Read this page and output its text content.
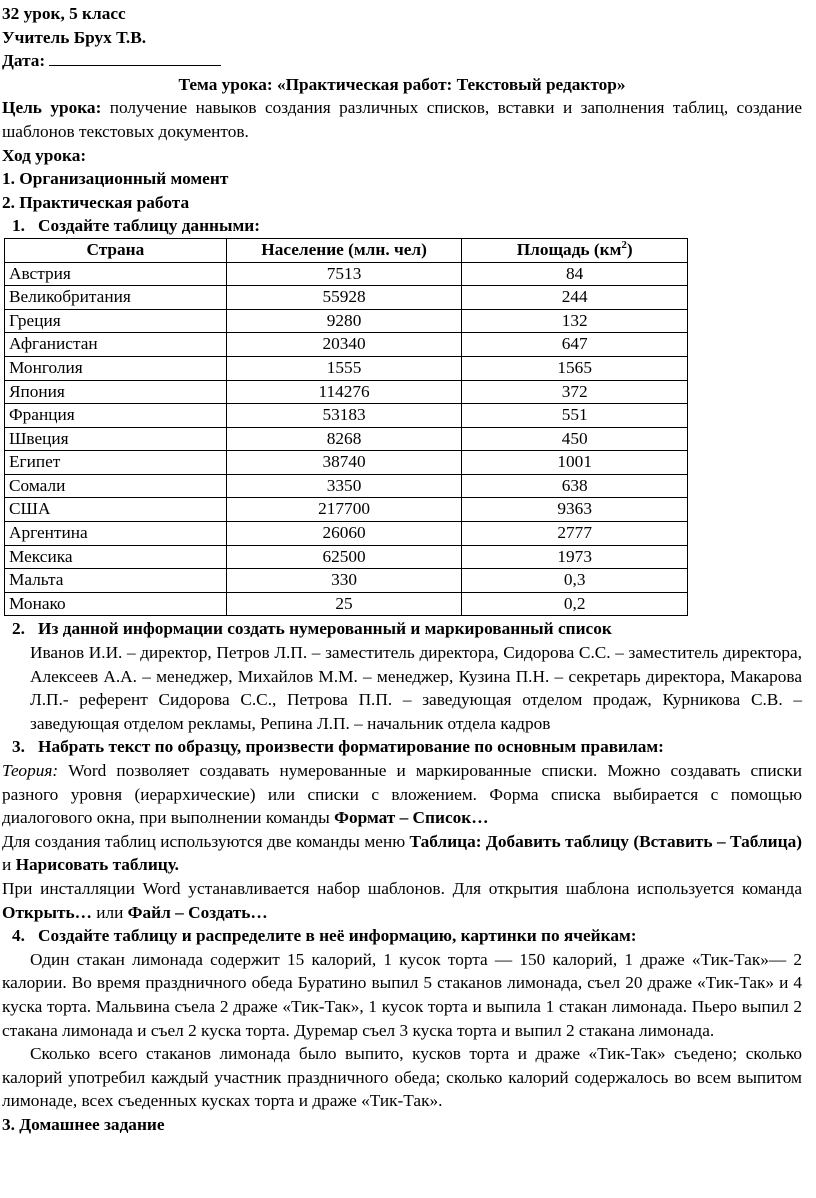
32 урок, 5 класс

Учитель Брух Т.В.

Дата:

Тема урока: «Практическая работ: Текстовый редактор»

Цель урока: получение навыков создания различных списков, вставки и заполнения таблиц, создание шаблонов текстовых документов.

Ход урока:

1. Организационный момент

2. Практическая работа

1. Создайте таблицу данными:

Страна	Население (млн. чел)	Площадь $(км^2)$
Австрия	7513	84
Великобритания	55928	244
Греция	9280	132
Афганистан	20340	647
Монголия	1555	1565
Япония	114276	372
Франция	53183	551
Швеция	8268	450
Египет	38740	1001
Сомали	3350	638
США	217700	9363
Аргентина	26060	2777
Мексика	62500	1973
Мальта	330	0,3
Монако	25	0,2

2. Из данной информации создать нумерованный и маркированный список

Иванов И.И. – директор, Петров Л.П. – заместитель директора, Сидорова С.С. – заместитель директора, Алексеев А.А. – менеджер, Михайлов М.М. – менеджер, Кузина П.Н. – секретарь директора, Макарова Л.П.- референт Сидорова С.С., Петрова П.П. – заведующая отделом продаж, Курникова С.В. – заведующая отделом рекламы, Репина Л.П. – начальник отдела кадров

3. Набрать текст по образцу, произвести форматирование по основным правилам:

Теория: Word позволяет создавать нумерованные и маркированные списки. Можно создавать списки разного уровня (иерархические) или списки с вложением. Форма списка выбирается с помощью диалогового окна, при выполнении команды Формат – Список…

Для создания таблиц используются две команды меню Таблица: Добавить таблицу (Вставить – Таблица) и Нарисовать таблицу.

При инсталляции Word устанавливается набор шаблонов. Для открытия шаблона используется команда Открыть… или Файл – Создать…

4. Создайте таблицу и распределите в неё информацию, картинки по ячейкам:

Один стакан лимонада содержит 15 калорий, 1 кусок торта — 150 калорий, 1 драже «Тик-Так»— 2 калории. Во время праздничного обеда Буратино выпил 5 стаканов лимонада, съел 20 драже «Тик-Так» и 4 куска торта. Мальвина съела 2 драже «Тик-Так», 1 кусок торта и выпила 1 стакан лимонада. Пьеро выпил 2 стакана лимонада и съел 2 куска торта. Дуремар съел 3 куска торта и выпил 2 стакана лимонада.

Сколько всего стаканов лимонада было выпито, кусков торта и драже «Тик-Так» съедено; сколько калорий употребил каждый участник праздничного обеда; сколько калорий содержалось во всем выпитом лимонаде, всех съеденных кусках торта и драже «Тик-Так».

3. Домашнее задание
